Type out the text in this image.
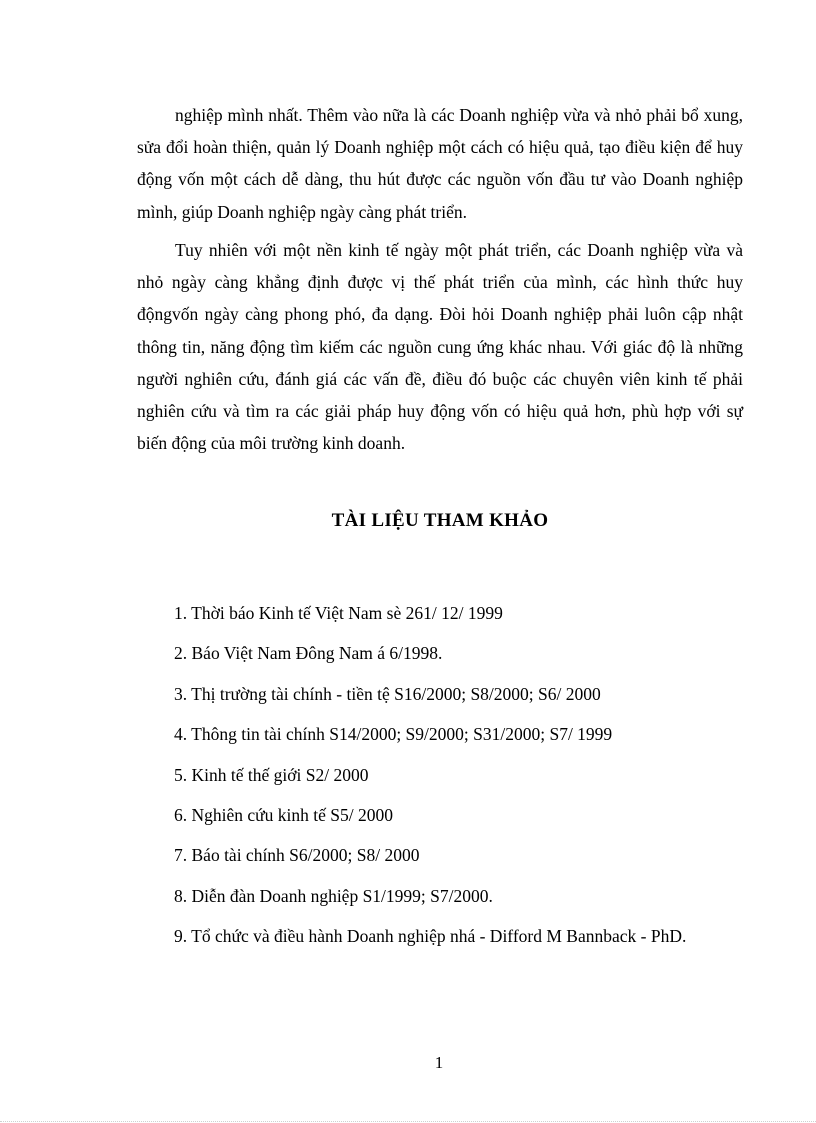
nghiệp mình nhất. Thêm vào nữa là các Doanh nghiệp vừa và nhỏ phải bổ xung, sửa đổi hoàn thiện, quản lý Doanh nghiệp một cách có hiệu quả, tạo điều kiện để huy động vốn một cách dễ dàng, thu hút được các nguồn vốn đầu tư vào Doanh nghiệp mình, giúp Doanh nghiệp ngày càng phát triển.

Tuy nhiên với một nền kinh tế ngày một phát triển, các Doanh nghiệp vừa và nhỏ ngày càng khẳng định được vị thế phát triển của mình, các hình thức huy độngvốn ngày càng phong phó, đa dạng. Đòi hỏi Doanh nghiệp phải luôn cập nhật thông tin, năng động tìm kiếm các nguồn cung ứng khác nhau. Với giác độ là những người nghiên cứu, đánh giá các vấn đề, điều đó buộc các chuyên viên kinh tế phải nghiên cứu và tìm ra các giải pháp huy động vốn có hiệu quả hơn, phù hợp với sự biến động của môi trường kinh doanh.

TÀI LIỆU THAM KHẢO
1. Thời báo Kinh tế Việt Nam sè 261/ 12/ 1999
2. Báo Việt Nam Đông Nam á 6/1998.
3. Thị trường tài chính - tiền tệ S16/2000; S8/2000; S6/ 2000
4. Thông tin tài chính S14/2000; S9/2000; S31/2000; S7/ 1999
5. Kinh tế thế giới S2/ 2000
6. Nghiên cứu kinh tế S5/ 2000
7. Báo tài chính S6/2000; S8/ 2000
8. Diễn đàn Doanh nghiệp S1/1999; S7/2000.
9. Tổ chức và điều hành Doanh nghiệp nhá - Difford M Bannback - PhD.
1
